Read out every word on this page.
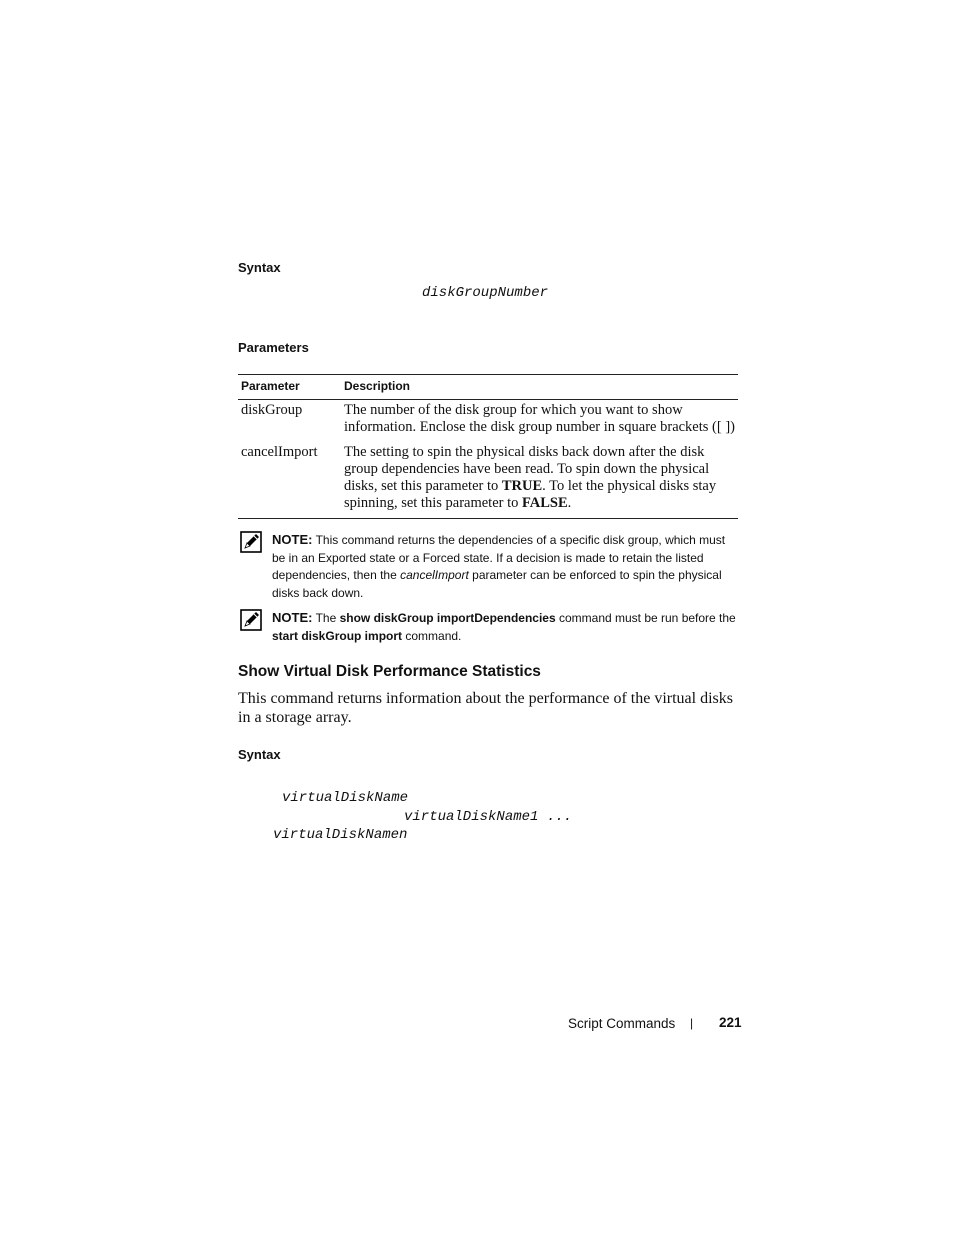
Syntax
diskGroupNumber
Parameters
Parameter	Description
diskGroup	The number of the disk group for which you want to show information. Enclose the disk group number in square brackets ([ ])
cancelImport	The setting to spin the physical disks back down after the disk group dependencies have been read. To spin down the physical disks, set this parameter to TRUE. To let the physical disks stay spinning, set this parameter to FALSE.
NOTE: This command returns the dependencies of a specific disk group, which must be in an Exported state or a Forced state. If a decision is made to retain the listed dependencies, then the cancelImport parameter can be enforced to spin the physical disks back down.
NOTE: The show diskGroup importDependencies command must be run before the start diskGroup import command.
Show Virtual Disk Performance Statistics
This command returns information about the performance of the virtual disks in a storage array.
Syntax
virtualDiskName
virtualDiskName1 ...
virtualDiskNamen
Script Commands | 221
